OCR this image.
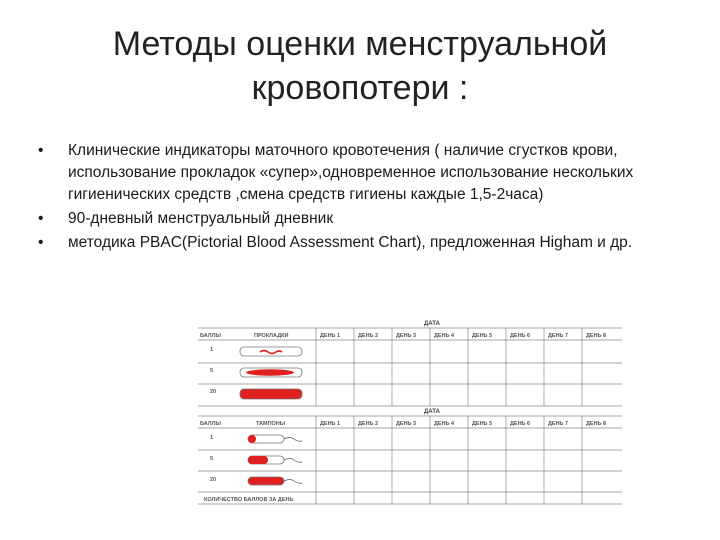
Методы оценки менструальной
кровопотери :
• Клинические индикаторы маточного кровотечения ( наличие сгустков крови, использование прокладок «супер»,одновременное использование нескольких гигиенических средств ,смена средств гигиены каждые 1,5-2часа)
• 90-дневный менструальный дневник
• методика PBAC(Pictorial Blood Assessment Chart), предложенная Higham и др.
ДАТА
БАЛЛЫ	ПРОКЛАДКИ	ДЕНЬ 1	ДЕНЬ 2	ДЕНЬ 3	ДЕНЬ 4	ДЕНЬ 5	ДЕНЬ 6	ДЕНЬ 7	ДЕНЬ 8
1
5
20
ДАТА
БАЛЛЫ	ТАМПОНЫ	ДЕНЬ 1	ДЕНЬ 2	ДЕНЬ 3	ДЕНЬ 4	ДЕНЬ 5	ДЕНЬ 6	ДЕНЬ 7	ДЕНЬ 8
1
5
20
КОЛИЧЕСТВО БАЛЛОВ ЗА ДЕНЬ
